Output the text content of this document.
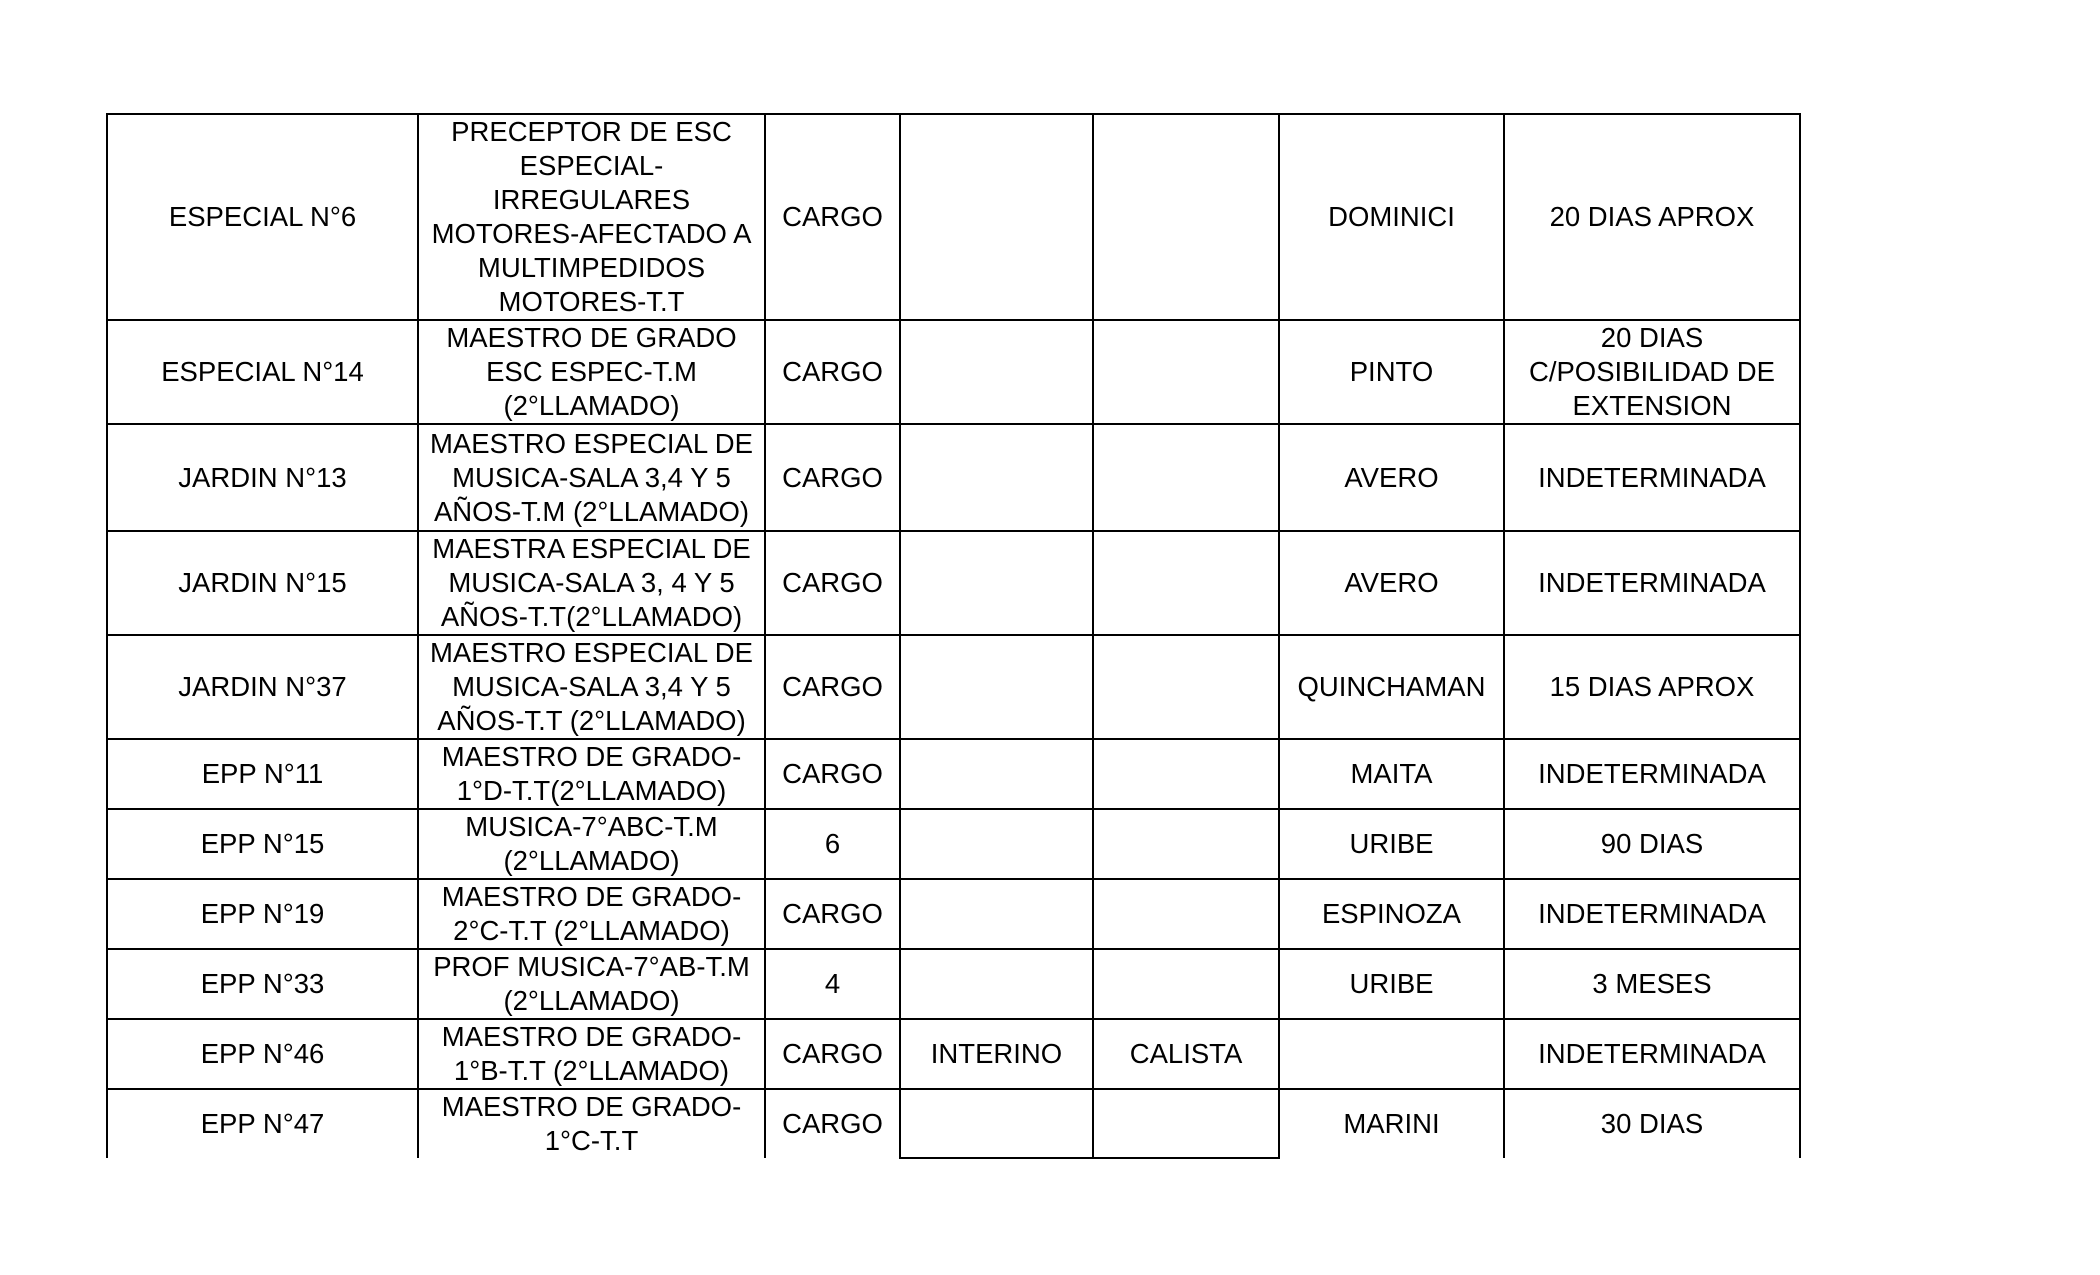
ESPECIAL N°6	PRECEPTOR DE ESC ESPECIAL-IRREGULARES MOTORES-AFECTADO A MULTIMPEDIDOS MOTORES-T.T	CARGO			DOMINICI	20 DIAS APROX

ESPECIAL N°14	MAESTRO DE GRADO ESC ESPEC-T.M (2°LLAMADO)	CARGO			PINTO	20 DIAS C/POSIBILIDAD DE EXTENSION

JARDIN N°13	MAESTRO ESPECIAL DE MUSICA-SALA 3,4 Y 5 AÑOS-T.M (2°LLAMADO)	CARGO			AVERO	INDETERMINADA

JARDIN N°15	MAESTRA ESPECIAL DE MUSICA-SALA 3, 4 Y 5 AÑOS-T.T(2°LLAMADO)	CARGO			AVERO	INDETERMINADA

JARDIN N°37	MAESTRO ESPECIAL DE MUSICA-SALA 3,4 Y 5 AÑOS-T.T (2°LLAMADO)	CARGO			QUINCHAMAN	15 DIAS APROX

EPP N°11	MAESTRO DE GRADO-1°D-T.T(2°LLAMADO)	CARGO			MAITA	INDETERMINADA

EPP N°15	MUSICA-7°ABC-T.M (2°LLAMADO)	6			URIBE	90 DIAS

EPP N°19	MAESTRO DE GRADO-2°C-T.T (2°LLAMADO)	CARGO			ESPINOZA	INDETERMINADA

EPP N°33	PROF MUSICA-7°AB-T.M (2°LLAMADO)	4			URIBE	3 MESES

EPP N°46	MAESTRO DE GRADO-1°B-T.T (2°LLAMADO)	CARGO	INTERINO	CALISTA		INDETERMINADA

EPP N°47	MAESTRO DE GRADO-1°C-T.T	CARGO			MARINI	30 DIAS
